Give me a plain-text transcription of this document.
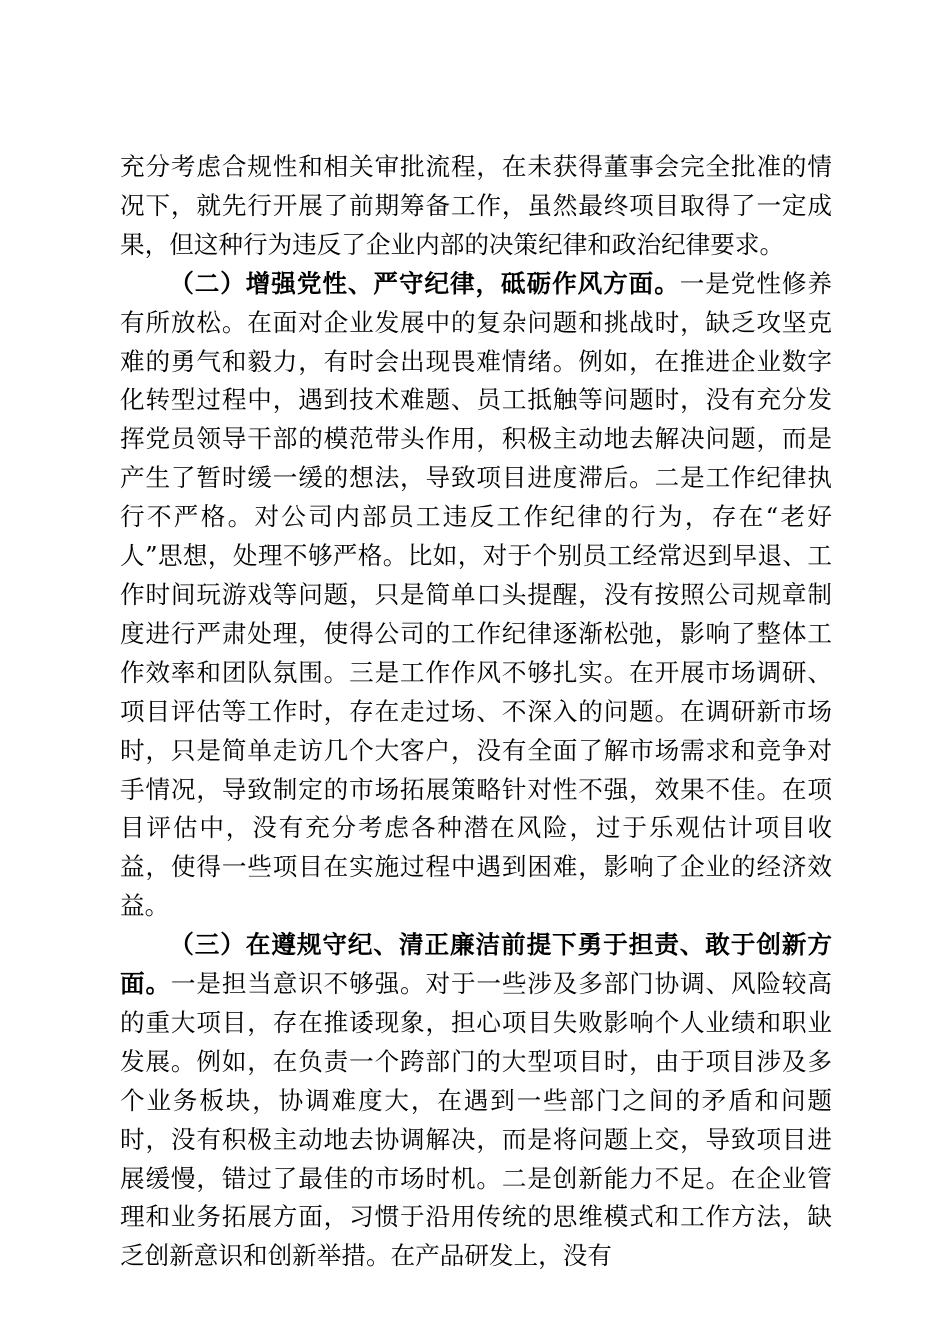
充分考虑合规性和相关审批流程，在未获得董事会完全批准的情况下，就先行开展了前期筹备工作，虽然最终项目取得了一定成果，但这种行为违反了企业内部的决策纪律和政治纪律要求。

（二）增强党性、严守纪律，砥砺作风方面。一是党性修养有所放松。在面对企业发展中的复杂问题和挑战时，缺乏攻坚克难的勇气和毅力，有时会出现畏难情绪。例如，在推进企业数字化转型过程中，遇到技术难题、员工抵触等问题时，没有充分发挥党员领导干部的模范带头作用，积极主动地去解决问题，而是产生了暂时缓一缓的想法，导致项目进度滞后。二是工作纪律执行不严格。对公司内部员工违反工作纪律的行为，存在“老好人”思想，处理不够严格。比如，对于个别员工经常迟到早退、工作时间玩游戏等问题，只是简单口头提醒，没有按照公司规章制度进行严肃处理，使得公司的工作纪律逐渐松弛，影响了整体工作效率和团队氛围。三是工作作风不够扎实。在开展市场调研、项目评估等工作时，存在走过场、不深入的问题。在调研新市场时，只是简单走访几个大客户，没有全面了解市场需求和竞争对手情况，导致制定的市场拓展策略针对性不强，效果不佳。在项目评估中，没有充分考虑各种潜在风险，过于乐观估计项目收益，使得一些项目在实施过程中遇到困难，影响了企业的经济效益。

（三）在遵规守纪、清正廉洁前提下勇于担责、敢于创新方面。一是担当意识不够强。对于一些涉及多部门协调、风险较高的重大项目，存在推诿现象，担心项目失败影响个人业绩和职业发展。例如，在负责一个跨部门的大型项目时，由于项目涉及多个业务板块，协调难度大，在遇到一些部门之间的矛盾和问题时，没有积极主动地去协调解决，而是将问题上交，导致项目进展缓慢，错过了最佳的市场时机。二是创新能力不足。在企业管理和业务拓展方面，习惯于沿用传统的思维模式和工作方法，缺乏创新意识和创新举措。在产品研发上，没有
